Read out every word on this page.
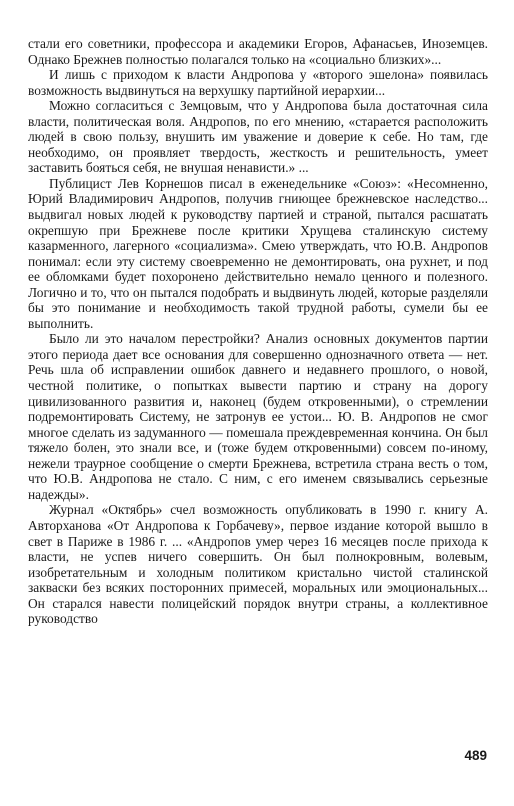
стали его советники, профессора и академики Егоров, Афанасьев, Иноземцев. Однако Брежнев полностью полагался только на «социально близких»...

И лишь с приходом к власти Андропова у «второго эшелона» появилась возможность выдвинуться на верхушку партийной иерархии...

Можно согласиться с Земцовым, что у Андропова была достаточная сила власти, политическая воля. Андропов, по его мнению, «старается расположить людей в свою пользу, внушить им уважение и доверие к себе. Но там, где необходимо, он проявляет твердость, жесткость и решительность, умеет заставить бояться себя, не внушая ненависти.» ...

Публицист Лев Корнешов писал в еженедельнике «Союз»: «Несомненно, Юрий Владимирович Андропов, получив гниющее брежневское наследство... выдвигал новых людей к руководству партией и страной, пытался расшатать окрепшую при Брежневе после критики Хрущева сталинскую систему казарменного, лагерного «социализма». Смею утверждать, что Ю.В. Андропов понимал: если эту систему своевременно не демонтировать, она рухнет, и под ее обломками будет похоронено действительно немало ценного и полезного. Логично и то, что он пытался подобрать и выдвинуть людей, которые разделяли бы это понимание и необходимость такой трудной работы, сумели бы ее выполнить.

Было ли это началом перестройки? Анализ основных документов партии этого периода дает все основания для совершенно однозначного ответа — нет. Речь шла об исправлении ошибок давнего и недавнего прошлого, о новой, честной политике, о попытках вывести партию и страну на дорогу цивилизованного развития и, наконец (будем откровенными), о стремлении подремонтировать Систему, не затронув ее устои... Ю. В. Андропов не смог многое сделать из задуманного — помешала преждевременная кончина. Он был тяжело болен, это знали все, и (тоже будем откровенными) совсем по-иному, нежели траурное сообщение о смерти Брежнева, встретила страна весть о том, что Ю.В. Андропова не стало. С ним, с его именем связывались серьезные надежды».

Журнал «Октябрь» счел возможность опубликовать в 1990 г. книгу А. Авторханова «От Андропова к Горбачеву», первое издание которой вышло в свет в Париже в 1986 г. ... «Андропов умер через 16 месяцев после прихода к власти, не успев ничего совершить. Он был полнокровным, волевым, изобретательным и холодным политиком кристально чистой сталинской закваски без всяких посторонних примесей, моральных или эмоциональных... Он старался навести полицейский порядок внутри страны, а коллективное руководство

489
